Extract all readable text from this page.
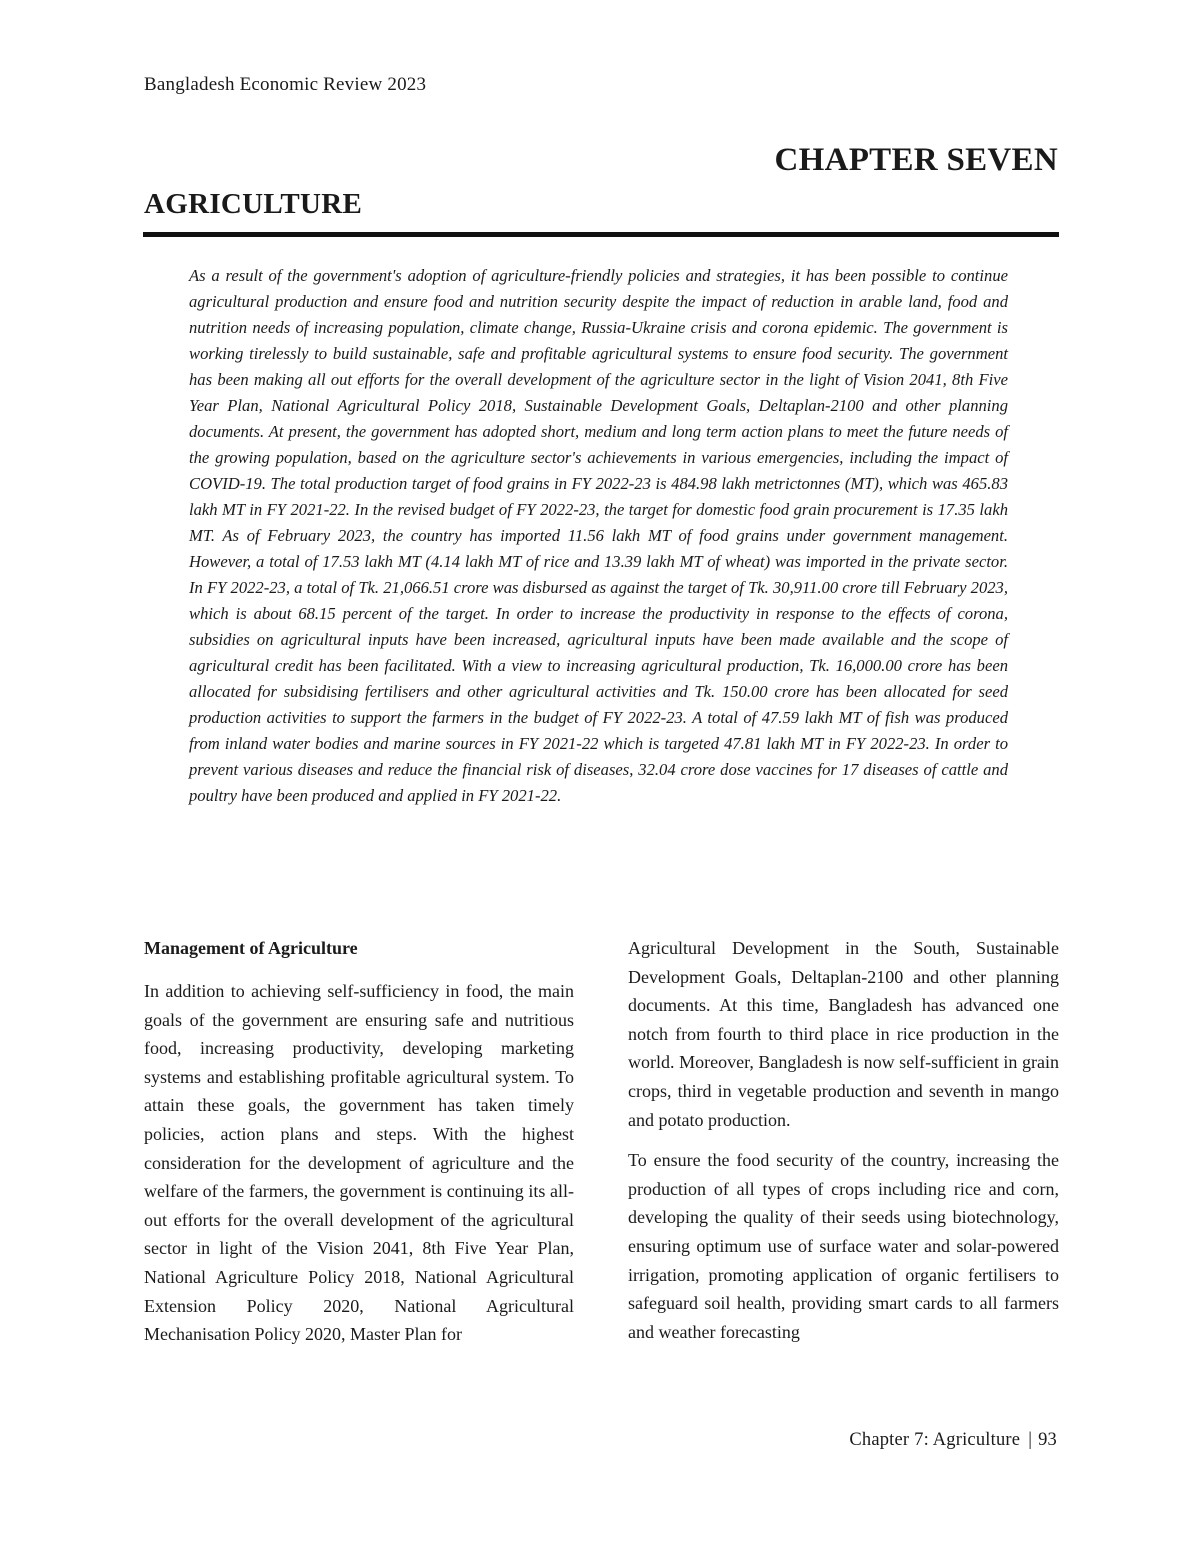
Bangladesh Economic Review 2023
CHAPTER SEVEN
AGRICULTURE

As a result of the government's adoption of agriculture-friendly policies and strategies, it has been possible to continue agricultural production and ensure food and nutrition security despite the impact of reduction in arable land, food and nutrition needs of increasing population, climate change, Russia-Ukraine crisis and corona epidemic. The government is working tirelessly to build sustainable, safe and profitable agricultural systems to ensure food security. The government has been making all out efforts for the overall development of the agriculture sector in the light of Vision 2041, 8th Five Year Plan, National Agricultural Policy 2018, Sustainable Development Goals, Deltaplan-2100 and other planning documents. At present, the government has adopted short, medium and long term action plans to meet the future needs of the growing population, based on the agriculture sector's achievements in various emergencies, including the impact of COVID-19. The total production target of food grains in FY 2022-23 is 484.98 lakh metrictonnes (MT), which was 465.83 lakh MT in FY 2021-22. In the revised budget of FY 2022-23, the target for domestic food grain procurement is 17.35 lakh MT. As of February 2023, the country has imported 11.56 lakh MT of food grains under government management. However, a total of 17.53 lakh MT (4.14 lakh MT of rice and 13.39 lakh MT of wheat) was imported in the private sector. In FY 2022-23, a total of Tk. 21,066.51 crore was disbursed as against the target of Tk. 30,911.00 crore till February 2023, which is about 68.15 percent of the target. In order to increase the productivity in response to the effects of corona, subsidies on agricultural inputs have been increased, agricultural inputs have been made available and the scope of agricultural credit has been facilitated. With a view to increasing agricultural production, Tk. 16,000.00 crore has been allocated for subsidising fertilisers and other agricultural activities and Tk. 150.00 crore has been allocated for seed production activities to support the farmers in the budget of FY 2022-23. A total of 47.59 lakh MT of fish was produced from inland water bodies and marine sources in FY 2021-22 which is targeted 47.81 lakh MT in FY 2022-23. In order to prevent various diseases and reduce the financial risk of diseases, 32.04 crore dose vaccines for 17 diseases of cattle and poultry have been produced and applied in FY 2021-22.

Management of Agriculture

In addition to achieving self-sufficiency in food, the main goals of the government are ensuring safe and nutritious food, increasing productivity, developing marketing systems and establishing profitable agricultural system. To attain these goals, the government has taken timely policies, action plans and steps. With the highest consideration for the development of agriculture and the welfare of the farmers, the government is continuing its all-out efforts for the overall development of the agricultural sector in light of the Vision 2041, 8th Five Year Plan, National Agriculture Policy 2018, National Agricultural Extension Policy 2020, National Agricultural Mechanisation Policy 2020, Master Plan for

Agricultural Development in the South, Sustainable Development Goals, Deltaplan-2100 and other planning documents. At this time, Bangladesh has advanced one notch from fourth to third place in rice production in the world. Moreover, Bangladesh is now self-sufficient in grain crops, third in vegetable production and seventh in mango and potato production.

To ensure the food security of the country, increasing the production of all types of crops including rice and corn, developing the quality of their seeds using biotechnology, ensuring optimum use of surface water and solar-powered irrigation, promoting application of organic fertilisers to safeguard soil health, providing smart cards to all farmers and weather forecasting

Chapter 7: Agriculture | 93
